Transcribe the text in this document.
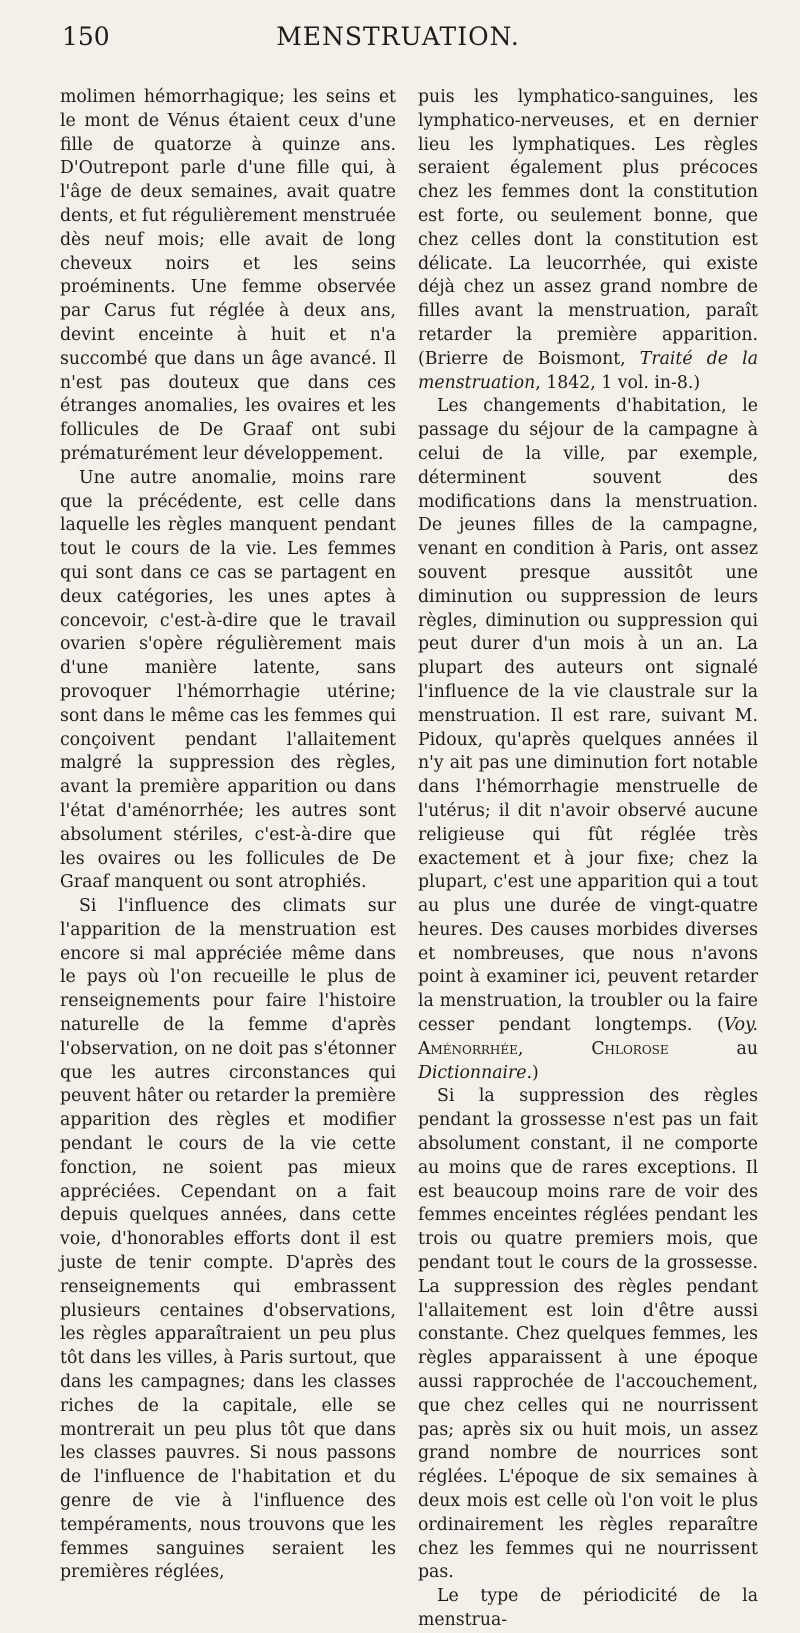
150	MENSTRUATION.

molimen hémorrhagique; les seins et le mont de Vénus étaient ceux d'une fille de quatorze à quinze ans. D'Outrepont parle d'une fille qui, à l'âge de deux semaines, avait quatre dents, et fut régulièrement menstruée dès neuf mois; elle avait de long cheveux noirs et les seins proéminents. Une femme observée par Carus fut réglée à deux ans, devint enceinte à huit et n'a succombé que dans un âge avancé. Il n'est pas douteux que dans ces étranges anomalies, les ovaires et les follicules de De Graaf ont subi prématurément leur développement.

Une autre anomalie, moins rare que la précédente, est celle dans laquelle les règles manquent pendant tout le cours de la vie. Les femmes qui sont dans ce cas se partagent en deux catégories, les unes aptes à concevoir, c'est-à-dire que le travail ovarien s'opère régulièrement mais d'une manière latente, sans provoquer l'hémorrhagie utérine; sont dans le même cas les femmes qui conçoivent pendant l'allaitement malgré la suppression des règles, avant la première apparition ou dans l'état d'aménorrhée; les autres sont absolument stériles, c'est-à-dire que les ovaires ou les follicules de De Graaf manquent ou sont atrophiés.

Si l'influence des climats sur l'apparition de la menstruation est encore si mal appréciée même dans le pays où l'on recueille le plus de renseignements pour faire l'histoire naturelle de la femme d'après l'observation, on ne doit pas s'étonner que les autres circonstances qui peuvent hâter ou retarder la première apparition des règles et modifier pendant le cours de la vie cette fonction, ne soient pas mieux appréciées. Cependant on a fait depuis quelques années, dans cette voie, d'honorables efforts dont il est juste de tenir compte. D'après des renseignements qui embrassent plusieurs centaines d'observations, les règles apparaîtraient un peu plus tôt dans les villes, à Paris surtout, que dans les campagnes; dans les classes riches de la capitale, elle se montrerait un peu plus tôt que dans les classes pauvres. Si nous passons de l'influence de l'habitation et du genre de vie à l'influence des tempéraments, nous trouvons que les femmes sanguines seraient les premières réglées,

puis les lymphatico-sanguines, les lymphatico-nerveuses, et en dernier lieu les lymphatiques. Les règles seraient également plus précoces chez les femmes dont la constitution est forte, ou seulement bonne, que chez celles dont la constitution est délicate. La leucorrhée, qui existe déjà chez un assez grand nombre de filles avant la menstruation, paraît retarder la première apparition. (Brierre de Boismont, Traité de la menstruation, 1842, 1 vol. in-8.)

Les changements d'habitation, le passage du séjour de la campagne à celui de la ville, par exemple, déterminent souvent des modifications dans la menstruation. De jeunes filles de la campagne, venant en condition à Paris, ont assez souvent presque aussitôt une diminution ou suppression de leurs règles, diminution ou suppression qui peut durer d'un mois à un an. La plupart des auteurs ont signalé l'influence de la vie claustrale sur la menstruation. Il est rare, suivant M. Pidoux, qu'après quelques années il n'y ait pas une diminution fort notable dans l'hémorrhagie menstruelle de l'utérus; il dit n'avoir observé aucune religieuse qui fût réglée très exactement et à jour fixe; chez la plupart, c'est une apparition qui a tout au plus une durée de vingt-quatre heures. Des causes morbides diverses et nombreuses, que nous n'avons point à examiner ici, peuvent retarder la menstruation, la troubler ou la faire cesser pendant longtemps. (Voy. Aménorrhée, Chlorose au Dictionnaire.)

Si la suppression des règles pendant la grossesse n'est pas un fait absolument constant, il ne comporte au moins que de rares exceptions. Il est beaucoup moins rare de voir des femmes enceintes réglées pendant les trois ou quatre premiers mois, que pendant tout le cours de la grossesse. La suppression des règles pendant l'allaitement est loin d'être aussi constante. Chez quelques femmes, les règles apparaissent à une époque aussi rapprochée de l'accouchement, que chez celles qui ne nourrissent pas; après six ou huit mois, un assez grand nombre de nourrices sont réglées. L'époque de six semaines à deux mois est celle où l'on voit le plus ordinairement les règles reparaître chez les femmes qui ne nourrissent pas.

Le type de périodicité de la menstrua-
